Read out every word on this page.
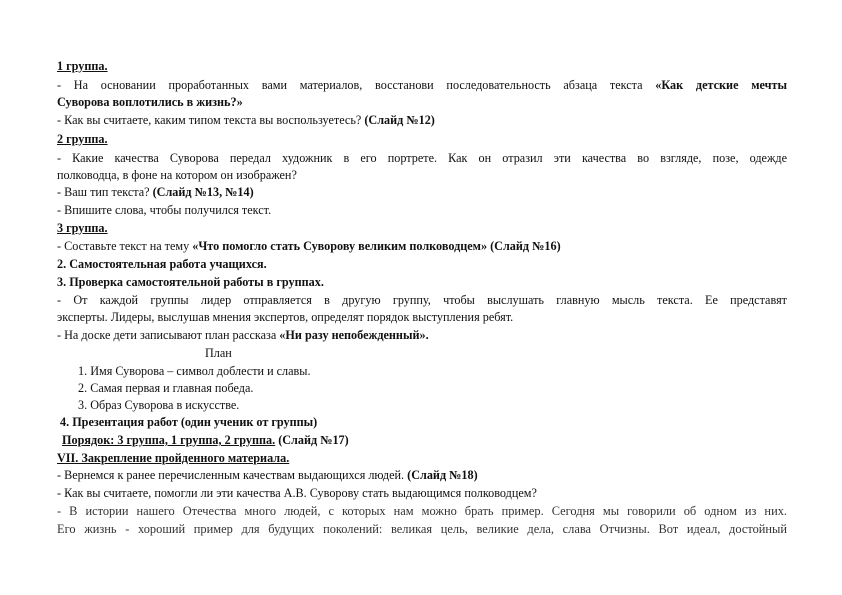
1 группа.
- На основании проработанных вами материалов, восстанови последовательность абзаца текста «Как детские мечты
Суворова воплотились в жизнь?»
- Как вы считаете, каким типом текста вы воспользуетесь? (Слайд №12)
2 группа.
- Какие качества Суворова передал художник в его портрете. Как он отразил эти качества во взгляде, позе, одежде
полководца, в фоне на котором он изображен?
- Ваш тип текста? (Слайд №13, №14)
- Впишите слова, чтобы получился текст.
3 группа.
- Составьте текст на тему «Что помогло стать Суворову великим полководцем» (Слайд №16)
2. Самостоятельная работа учащихся.
3. Проверка самостоятельной работы в группах.
- От каждой группы лидер отправляется в другую группу, чтобы выслушать главную мысль текста. Ее представят
эксперты. Лидеры, выслушав мнения экспертов, определят порядок выступления ребят.
- На доске дети записывают план рассказа «Ни разу непобежденный».
План
1. Имя Суворова – символ доблести и славы.
2. Самая первая и главная победа.
3. Образ Суворова в искусстве.
4. Презентация работ (один ученик от группы)
Порядок: 3 группа, 1 группа, 2 группа. (Слайд №17)
VII. Закрепление пройденного материала.
- Вернемся к ранее перечисленным качествам выдающихся людей. (Слайд №18)
- Как вы считаете, помогли ли эти качества А.В. Суворову стать выдающимся полководцем?
- В истории нашего Отечества много людей, с которых нам можно брать пример. Сегодня мы говорили об одном из них.
Его жизнь - хороший пример для будущих поколений: великая цель, великие дела, слава Отчизны. Вот идеал, достойный
